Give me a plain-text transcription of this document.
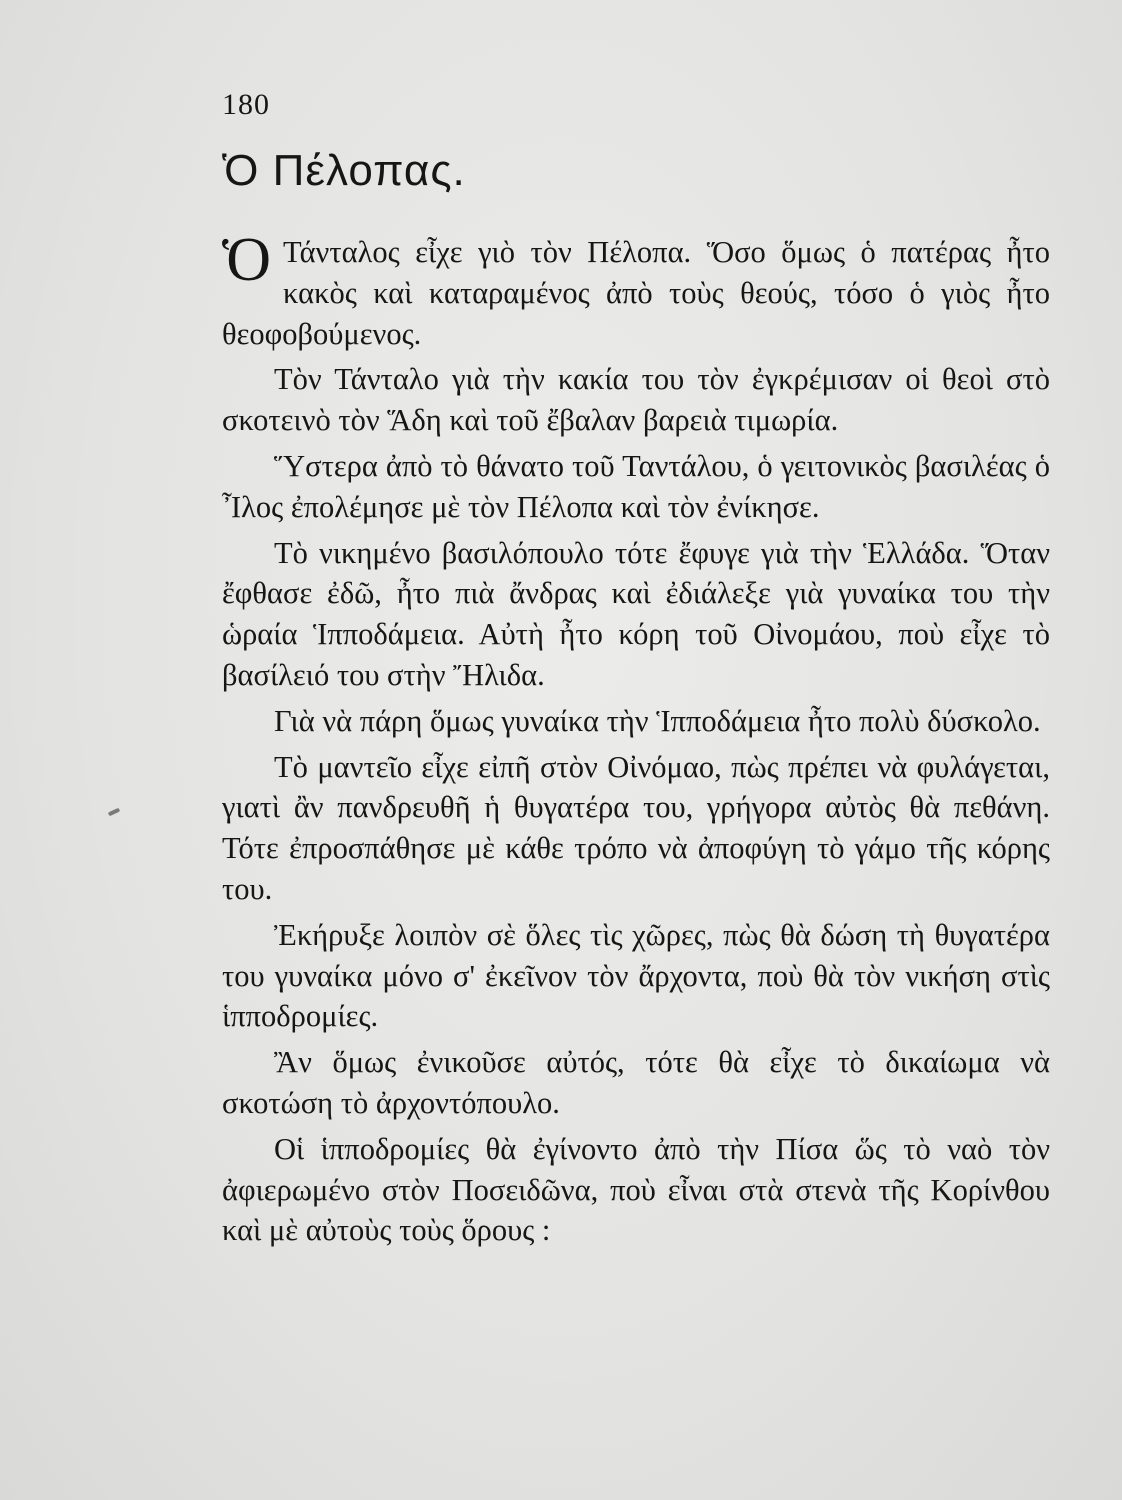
180
Ὁ Πέλοπας.

Ὁ Τάνταλος εἶχε γιὸ τὸν Πέλοπα. Ὅσο ὅμως ὁ πατέρας ἦτο κακὸς καὶ καταραμένος ἀπὸ τοὺς θεούς, τόσο ὁ γιὸς ἦτο θεοφοβούμενος.

Τὸν Τάνταλο γιὰ τὴν κακία του τὸν ἐγκρέμισαν οἱ θεοὶ στὸ σκοτεινὸ τὸν Ἅδη καὶ τοῦ ἔβαλαν βαρειὰ τιμωρία.

Ὕστερα ἀπὸ τὸ θάνατο τοῦ Ταντάλου, ὁ γειτονικὸς βασιλέας ὁ Ἶλος ἐπολέμησε μὲ τὸν Πέλοπα καὶ τὸν ἐνίκησε.

Τὸ νικημένο βασιλόπουλο τότε ἔφυγε γιὰ τὴν Ἑλλάδα. Ὅταν ἔφθασε ἐδῶ, ἦτο πιὰ ἄνδρας καὶ ἐδιάλεξε γιὰ γυναίκα του τὴν ὡραία Ἱπποδάμεια. Αὐτὴ ἦτο κόρη τοῦ Οἰνομάου, ποὺ εἶχε τὸ βασίλειό του στὴν Ἤλιδα.

Γιὰ νὰ πάρη ὅμως γυναίκα τὴν Ἱπποδάμεια ἦτο πολὺ δύσκολο.

Τὸ μαντεῖο εἶχε εἰπῆ στὸν Οἰνόμαο, πὼς πρέπει νὰ φυλάγεται, γιατὶ ἂν πανδρευθῆ ἡ θυγατέρα του, γρήγορα αὐτὸς θὰ πεθάνη. Τότε ἐπροσπάθησε μὲ κάθε τρόπο νὰ ἀποφύγη τὸ γάμο τῆς κόρης του.

Ἐκήρυξε λοιπὸν σὲ ὅλες τὶς χῶρες, πὼς θὰ δώση τὴ θυγατέρα του γυναίκα μόνο σ' ἐκεῖνον τὸν ἄρχοντα, ποὺ θὰ τὸν νικήση στὶς ἱπποδρομίες.

Ἂν ὅμως ἐνικοῦσε αὐτός, τότε θὰ εἶχε τὸ δικαίωμα νὰ σκοτώση τὸ ἀρχοντόπουλο.

Οἱ ἱπποδρομίες θὰ ἐγίνοντο ἀπὸ τὴν Πίσα ὥς τὸ ναὸ τὸν ἀφιερωμένο στὸν Ποσειδῶνα, ποὺ εἶναι στὰ στενὰ τῆς Κορίνθου καὶ μὲ αὐτοὺς τοὺς ὅρους :
